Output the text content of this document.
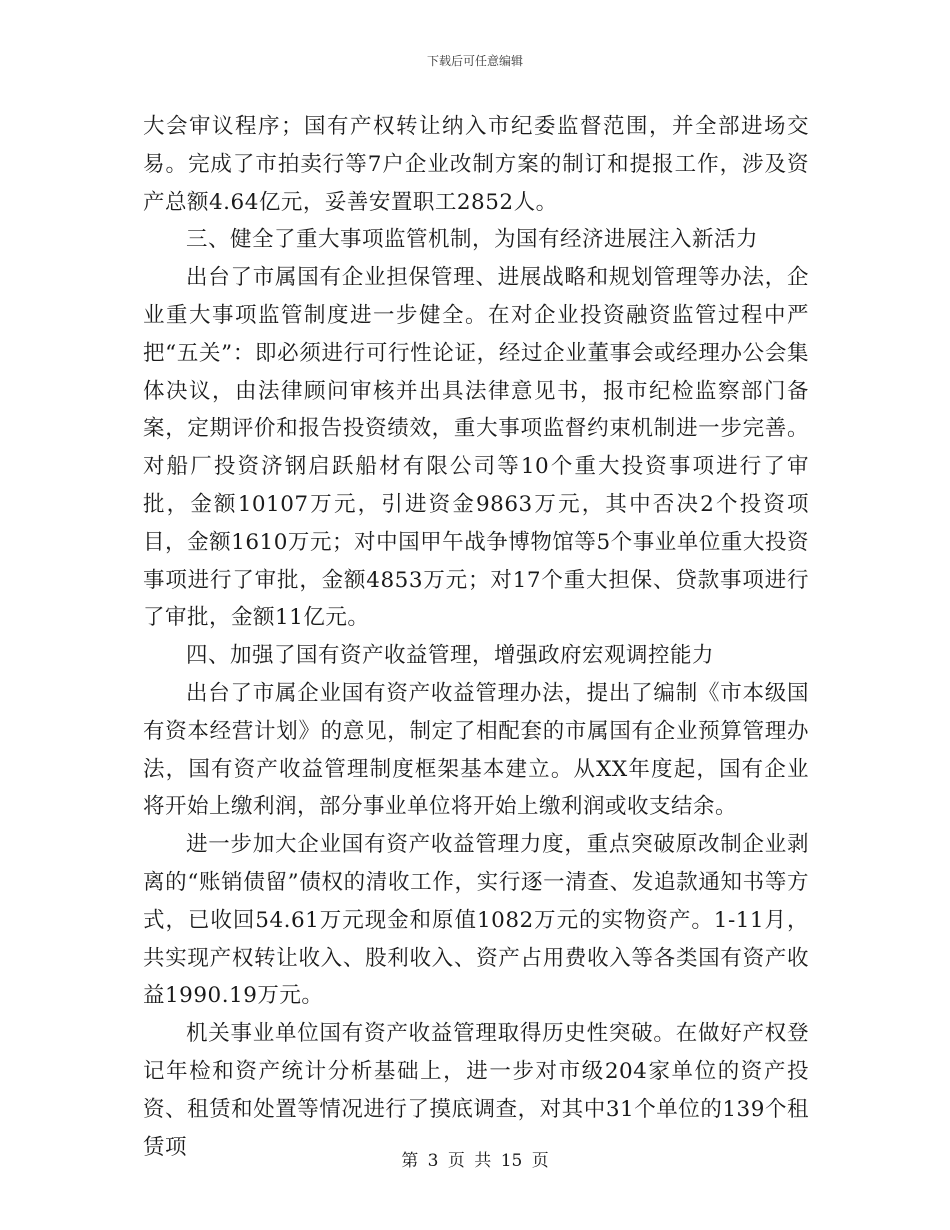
下载后可任意编辑

大会审议程序；国有产权转让纳入市纪委监督范围，并全部进场交易。完成了市拍卖行等7户企业改制方案的制订和提报工作，涉及资产总额4.64亿元，妥善安置职工2852人。

三、健全了重大事项监管机制，为国有经济进展注入新活力

出台了市属国有企业担保管理、进展战略和规划管理等办法，企业重大事项监管制度进一步健全。在对企业投资融资监管过程中严把“五关”：即必须进行可行性论证，经过企业董事会或经理办公会集体决议，由法律顾问审核并出具法律意见书，报市纪检监察部门备案，定期评价和报告投资绩效，重大事项监督约束机制进一步完善。对船厂投资济钢启跃船材有限公司等10个重大投资事项进行了审批，金额10107万元，引进资金9863万元，其中否决2个投资项目，金额1610万元；对中国甲午战争博物馆等5个事业单位重大投资事项进行了审批，金额4853万元；对17个重大担保、贷款事项进行了审批，金额11亿元。

四、加强了国有资产收益管理，增强政府宏观调控能力

出台了市属企业国有资产收益管理办法，提出了编制《市本级国有资本经营计划》的意见，制定了相配套的市属国有企业预算管理办法，国有资产收益管理制度框架基本建立。从XX年度起，国有企业将开始上缴利润，部分事业单位将开始上缴利润或收支结余。

进一步加大企业国有资产收益管理力度，重点突破原改制企业剥离的“账销债留”债权的清收工作，实行逐一清查、发追款通知书等方式，已收回54.61万元现金和原值1082万元的实物资产。1-11月，共实现产权转让收入、股利收入、资产占用费收入等各类国有资产收益1990.19万元。

机关事业单位国有资产收益管理取得历史性突破。在做好产权登记年检和资产统计分析基础上，进一步对市级204家单位的资产投资、租赁和处置等情况进行了摸底调查，对其中31个单位的139个租赁项

第 3 页 共 15 页
